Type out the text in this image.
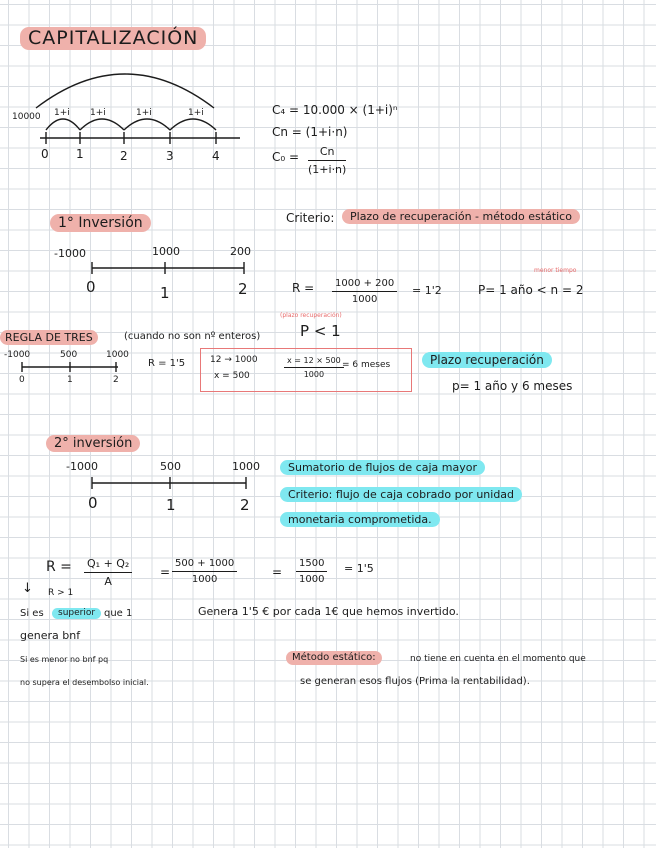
CAPITALIZACIÓN
10000 1+i 1+i	1+i	1+i
0 1	2	3	4
C₄ = 10.000 × (1+i)ⁿ
Cn = (1+i·n)
$C_0 = \frac{Cn}{(1+i\cdot n)}$
1° Inversión	Criterio:	Plazo de recuperación - método estático
-1000	1000	200
0	1	2	$R = \frac{1000 + 200}{1000} = 1'2$
menor tiempo
P= 1 año < n = 2
(plazo recuperación)
P < 1
REGLA DE TRES	(cuando no son nº enteros)
-1000	500	1000
0	1	2
R = 1'5	12 → 1000
x = 500	$\frac{x = 12 \times 500}{1000}$
= 6 meses	Plazo recuperación
p= 1 año y 6 meses
2° inversión
-1000	500	1000
0	1	2
Sumatorio de flujos de caja mayor
Criterio: flujo de caja cobrado por unidad
monetaria comprometida.
$R = \frac{\text{Q₁ + Q₂}}{A} = \frac{500 + 1000}{1000}$	= $\frac{1500}{1000} = 1'5$
↓ R > 1
Si es	superior que 1	Genera 1'5 € por cada 1€ que hemos invertido.
genera bnf
Si es menor no bnf pq
no supera el desembolso inicial.
Método estático:	no tiene en cuenta en el momento que
se generan esos flujos (Prima la rentabilidad).
